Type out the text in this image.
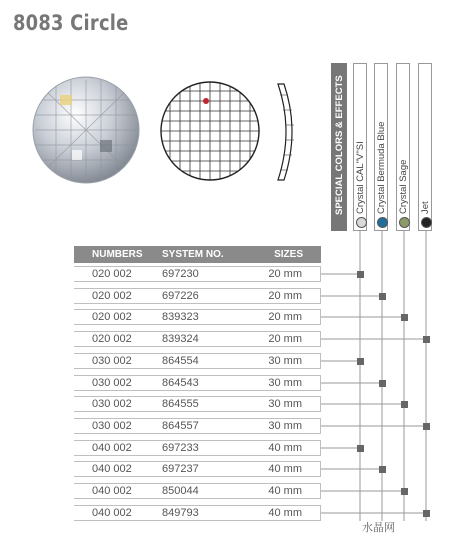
8083 Circle
SPECIAL COLORS & EFFECTS Crystal CAL"V"SI Crystal Bermuda Blue Crystal Sage Jet
NUMBERS SYSTEM NO.	SIZES
020 002	697230	20 mm
020 002	697226	20 mm
020 002	839323	20 mm
020 002	839324	20 mm
030 002	864554	30 mm
030 002	864543	30 mm
030 002	864555	30 mm
030 002	864557	30 mm
040 002	697233	40 mm
040 002	697237	40 mm
040 002	850044	40 mm
040 002	849793	40 mm
水晶网
